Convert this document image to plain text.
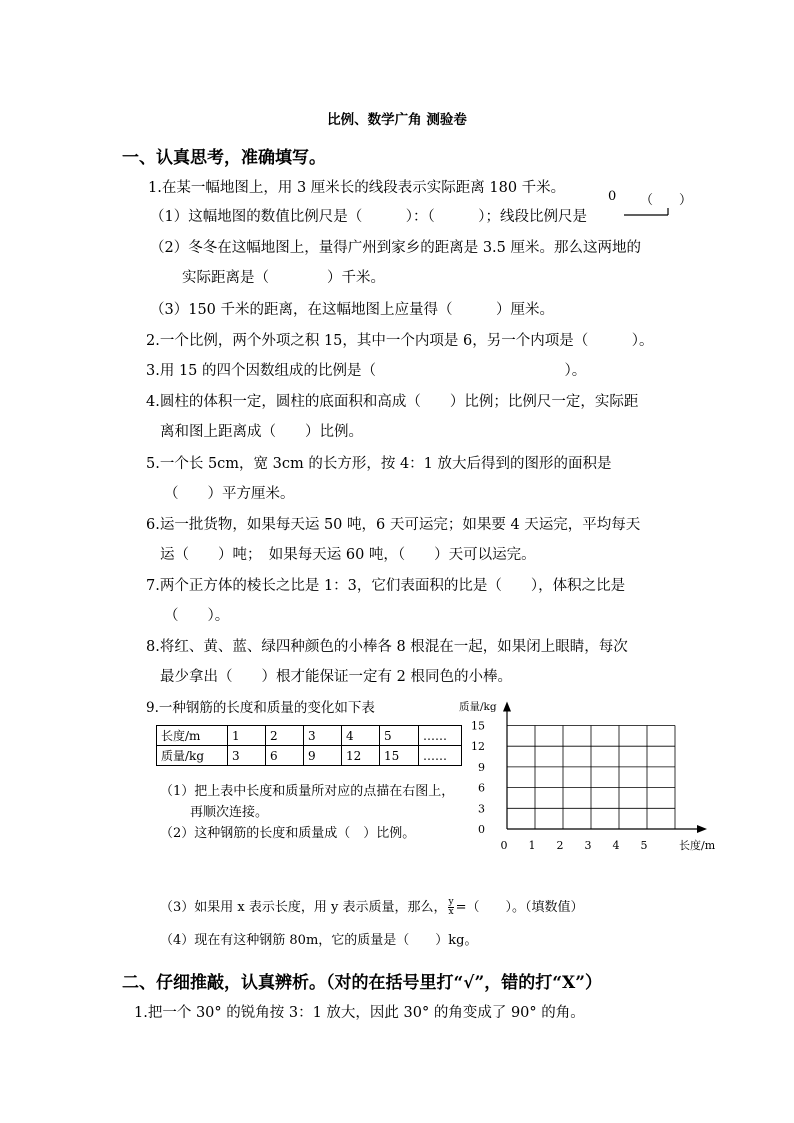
比例、数学广角 测验卷
一、认真思考，准确填写。
1.在某一幅地图上，用 3 厘米长的线段表示实际距离 180 千米。
0 （　　）
（1）这幅地图的数值比例尺是（　　　）：（　　　）；线段比例尺是
（2）冬冬在这幅地图上，量得广州到家乡的距离是 3.5 厘米。那么这两地的
实际距离是（　　　　）千米。
（3）150 千米的距离，在这幅地图上应量得（　　　）厘米。
2.一个比例，两个外项之积 15，其中一个内项是 6，另一个内项是（　　　）。
3.用 15 的四个因数组成的比例是（　　　　　　　　　　　　　）。
4.圆柱的体积一定，圆柱的底面积和高成（　　）比例；比例尺一定，实际距
离和图上距离成（　　）比例。
5.一个长 5cm，宽 3cm 的长方形，按 4：1 放大后得到的图形的面积是
（　　）平方厘米。
6.运一批货物，如果每天运 50 吨，6 天可运完；如果要 4 天运完，平均每天
运（　　）吨；　如果每天运 60 吨，（　　）天可以运完。
7.两个正方体的棱长之比是 1：3，它们表面积的比是（　　），体积之比是
（　　）。
8.将红、黄、蓝、绿四种颜色的小棒各 8 根混在一起，如果闭上眼睛，每次
最少拿出（　　）根才能保证一定有 2 根同色的小棒。
9.一种钢筋的长度和质量的变化如下表
长度/m	1	2	3	4	5	……
质量/kg	3	6	9	12	15	……
（1）把上表中长度和质量所对应的点描在右图上，
再顺次连接。
（2）这种钢筋的长度和质量成（　）比例。
0 1 2 3 4 5
0
3
6
9
12
15
长度/m
质量/kg
（3）如果用 x 表示长度，用 y 表示质量，那么， $\frac{y}{x}$ =（　　）。（填数值）
（4）现在有这种钢筋 80m，它的质量是（　　）kg。
二、仔细推敲，认真辨析。（对的在括号里打“√”，错的打“X”）
1.把一个 30° 的锐角按 3：1 放大，因此 30° 的角变成了 90° 的角。
